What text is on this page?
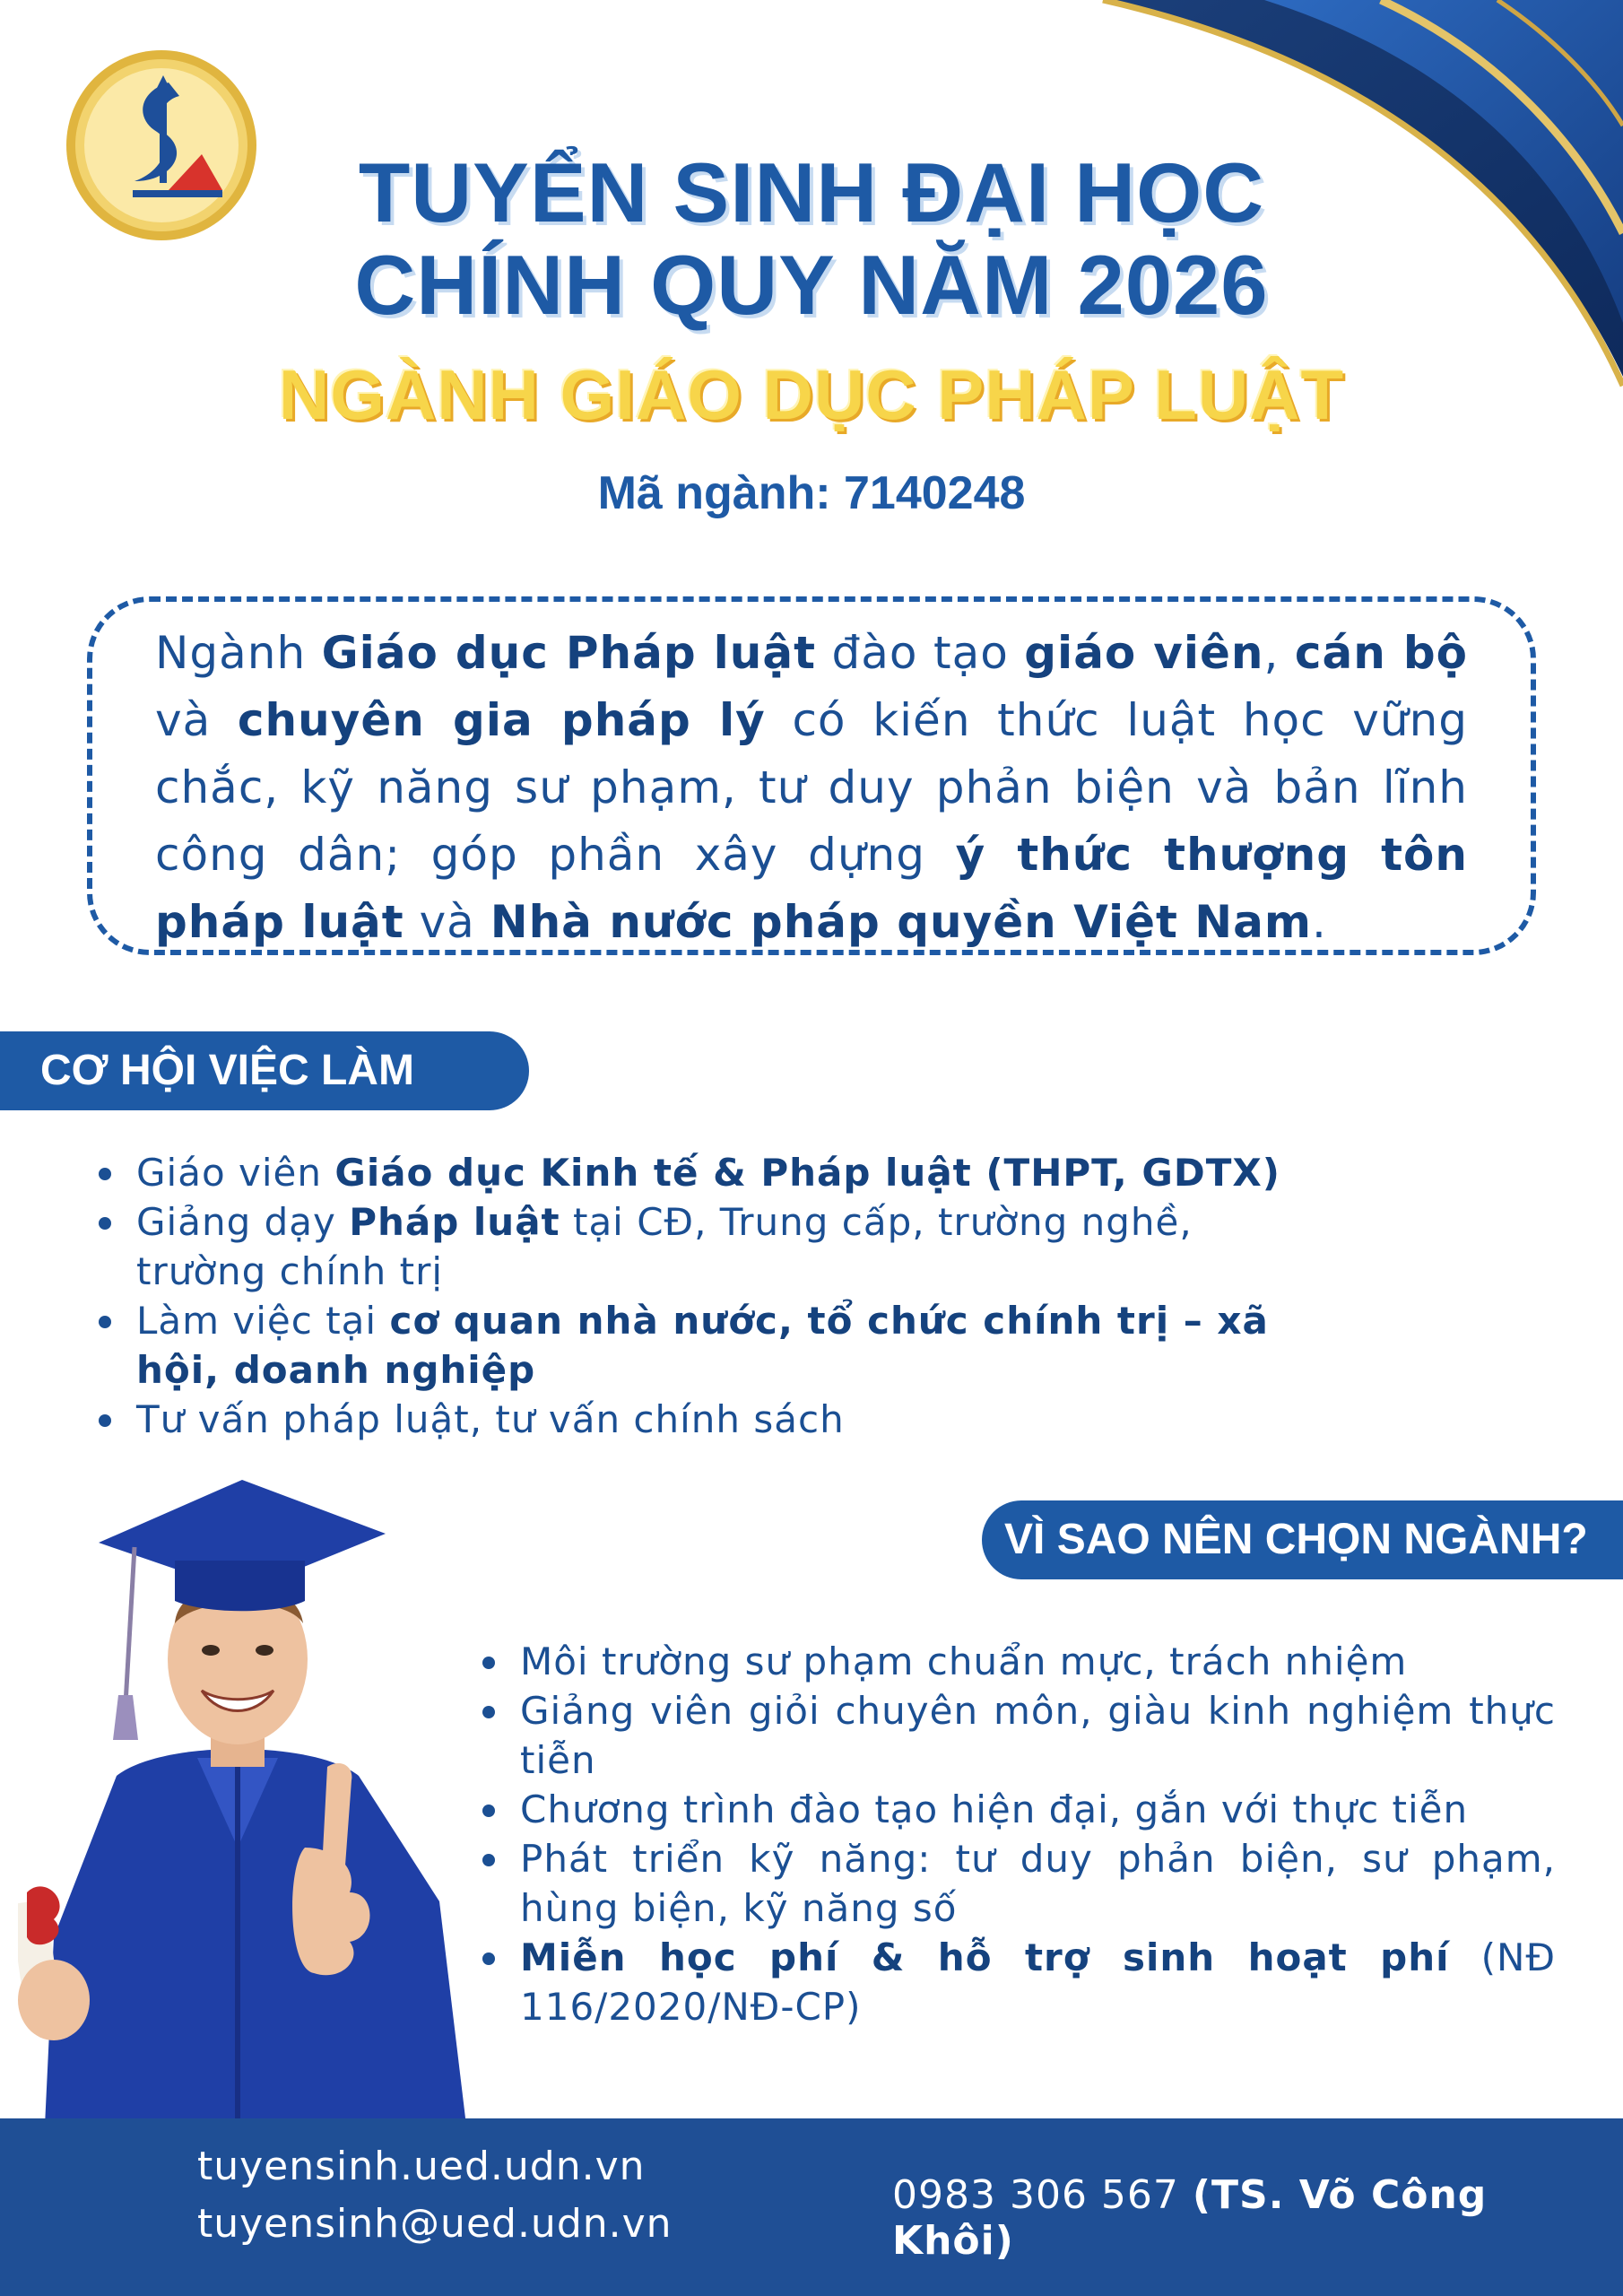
TUYỂN SINH ĐẠI HỌC
CHÍNH QUY NĂM 2026
NGÀNH GIÁO DỤC PHÁP LUẬT
Mã ngành: 7140248

Ngành Giáo dục Pháp luật đào tạo giáo viên, cán bộ và chuyên gia pháp lý có kiến thức luật học vững chắc, kỹ năng sư phạm, tư duy phản biện và bản lĩnh công dân; góp phần xây dựng ý thức thượng tôn pháp luật và Nhà nước pháp quyền Việt Nam.

CƠ HỘI VIỆC LÀM
Giáo viên Giáo dục Kinh tế & Pháp luật (THPT, GDTX)
Giảng dạy Pháp luật tại CĐ, Trung cấp, trường nghề, trường chính trị
Làm việc tại cơ quan nhà nước, tổ chức chính trị – xã hội, doanh nghiệp
Tư vấn pháp luật, tư vấn chính sách
VÌ SAO NÊN CHỌN NGÀNH?
Môi trường sư phạm chuẩn mực, trách nhiệm
Giảng viên giỏi chuyên môn, giàu kinh nghiệm thực tiễn
Chương trình đào tạo hiện đại, gắn với thực tiễn
Phát triển kỹ năng: tư duy phản biện, sư phạm, hùng biện, kỹ năng số
Miễn học phí & hỗ trợ sinh hoạt phí (NĐ 116/2020/NĐ-CP)
tuyensinh.ued.udn.vn
tuyensinh@ued.udn.vn
0983 306 567 (TS. Võ Công Khôi)
